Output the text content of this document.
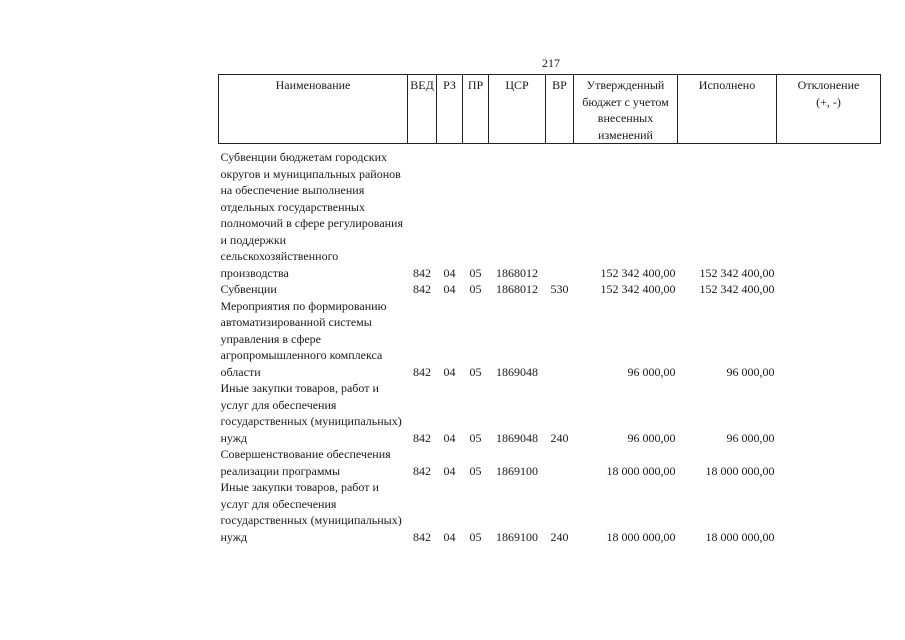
217
Наименование	ВЕД	РЗ	ПР	ЦСР	ВР	Утвержденный
бюджет с учетом
внесенных
изменений	Исполнено	Отклонение
(+, -)

Субвенции бюджетам городских округов и муниципальных районов на обеспечение выполнения отдельных государственных полномочий в сфере регулирования и поддержки сельскохозяйственного производства	842	04	05	1868012		152 342 400,00	152 342 400,00	
Субвенции	842	04	05	1868012	530	152 342 400,00	152 342 400,00	
Мероприятия по формированию автоматизированной системы управления в сфере агропромышленного комплекса области	842	04	05	1869048		96 000,00	96 000,00	
Иные закупки товаров, работ и услуг для обеспечения государственных (муниципальных) нужд	842	04	05	1869048	240	96 000,00	96 000,00	
Совершенствование обеспечения реализации программы	842	04	05	1869100		18 000 000,00	18 000 000,00	
Иные закупки товаров, работ и услуг для обеспечения государственных (муниципальных) нужд	842	04	05	1869100	240	18 000 000,00	18 000 000,00	
